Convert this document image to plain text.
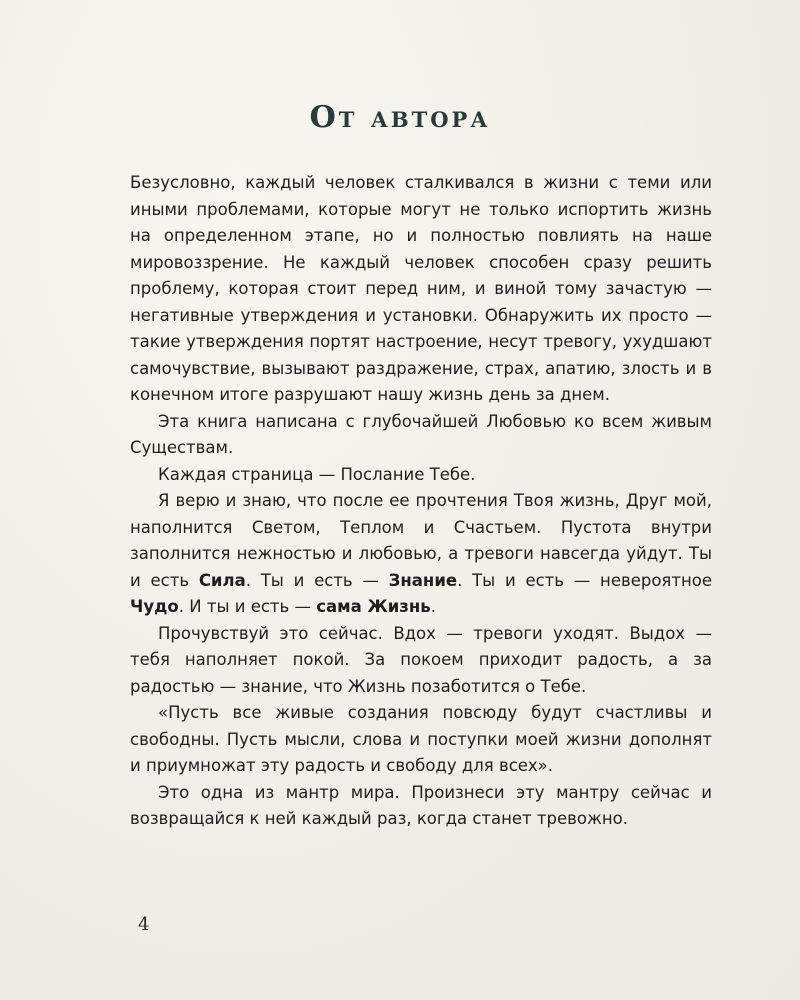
От автора

Безусловно, каждый человек сталкивался в жизни с теми или иными проблемами, которые могут не только испортить жизнь на определенном этапе, но и полностью повлиять на наше мировоззрение. Не каждый человек способен сразу решить проблему, которая стоит перед ним, и виной тому зачастую — негативные утверждения и установки. Обнаружить их просто — такие утверждения портят настроение, несут тревогу, ухудшают самочувствие, вызывают раздражение, страх, апатию, злость и в конечном итоге разрушают нашу жизнь день за днем.

Эта книга написана с глубочайшей Любовью ко всем живым Существам.

Каждая страница — Послание Тебе.

Я верю и знаю, что после ее прочтения Твоя жизнь, Друг мой, наполнится Светом, Теплом и Счастьем. Пустота внутри заполнится нежностью и любовью, а тревоги навсегда уйдут. Ты и есть Сила. Ты и есть — Знание. Ты и есть — невероятное Чудо. И ты и есть — сама Жизнь.

Прочувствуй это сейчас. Вдох — тревоги уходят. Выдох — тебя наполняет покой. За покоем приходит радость, а за радостью — знание, что Жизнь позаботится о Тебе.

«Пусть все живые создания повсюду будут счастливы и свободны. Пусть мысли, слова и поступки моей жизни дополнят и приумножат эту радость и свободу для всех».

Это одна из мантр мира. Произнеси эту мантру сейчас и возвращайся к ней каждый раз, когда станет тревожно.

4
